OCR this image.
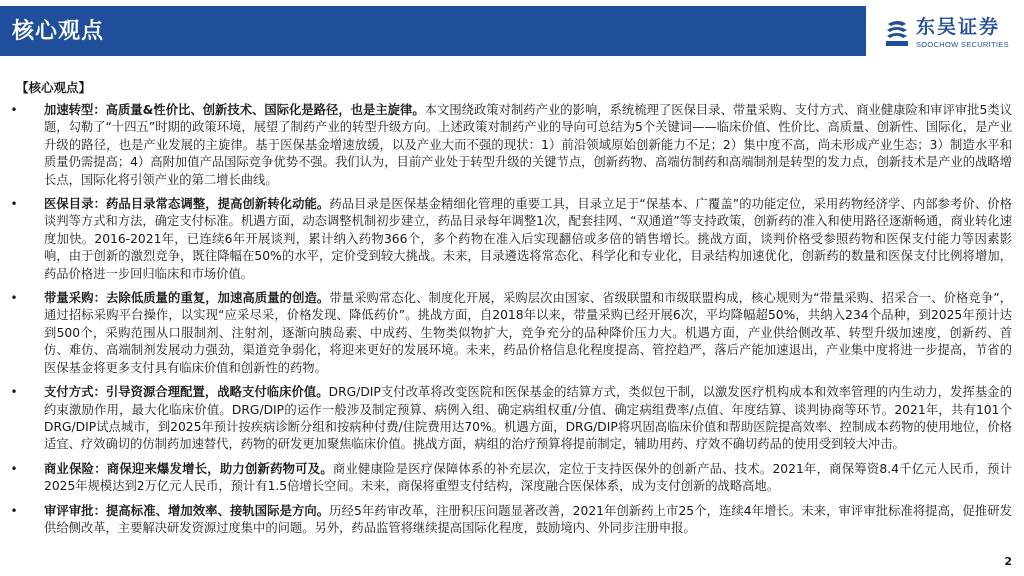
核心观点	东吴证券
SOOCHOW SECURITIES
【核心观点】
• 加速转型：高质量&性价比、创新技术、国际化是路径，也是主旋律。本文围绕政策对制药产业的影响，系统梳理了医保目录、带量采购、支付方式、商业健康险和审评审批5类议题，勾勒了“十四五”时期的政策环境，展望了制药产业的转型升级方向。上述政策对制药产业的导向可总结为5个关键词——临床价值、性价比、高质量、创新性、国际化，是产业升级的路径，也是产业发展的主旋律。基于医保基金增速放缓，以及产业大而不强的现状：1）前沿领域原始创新能力不足；2）集中度不高，尚未形成产业生态；3）制造水平和质量仍需提高；4）高附加值产品国际竞争优势不强。我们认为，目前产业处于转型升级的关键节点，创新药物、高端仿制药和高端制剂是转型的发力点，创新技术是产业的战略增长点，国际化将引领产业的第二增长曲线。
• 医保目录：药品目录常态调整，提高创新转化动能。药品目录是医保基金精细化管理的重要工具，目录立足于“保基本、广覆盖”的功能定位，采用药物经济学、内部参考价、价格谈判等方式和方法，确定支付标准。机遇方面，动态调整机制初步建立，药品目录每年调整1次，配套挂网、“双通道”等支持政策，创新药的准入和使用路径逐渐畅通，商业转化速度加快。2016-2021年，已连续6年开展谈判，累计纳入药物366个，多个药物在准入后实现翻倍或多倍的销售增长。挑战方面，谈判价格受参照药物和医保支付能力等因素影响，由于创新的激烈竞争，既往降幅在50%的水平，定价受到较大挑战。未来，目录遴选将常态化、科学化和专业化，目录结构加速优化，创新药的数量和医保支付比例将增加，药品价格进一步回归临床和市场价值。
• 带量采购：去除低质量的重复，加速高质量的创造。带量采购常态化、制度化开展，采购层次由国家、省级联盟和市级联盟构成，核心规则为“带量采购、招采合一、价格竞争”，通过招标采购平台操作，以实现“应采尽采，价格发现、降低药价”。挑战方面，自2018年以来，带量采购已经开展6次，平均降幅超50%，共纳入234个品种，到2025年预计达到500个，采购范围从口服制剂、注射剂，逐渐向胰岛素、中成药、生物类似物扩大，竞争充分的品种降价压力大。机遇方面，产业供给侧改革、转型升级加速度，创新药、首仿、难仿、高端制剂发展动力强劲，渠道竞争弱化，将迎来更好的发展环境。未来，药品价格信息化程度提高、管控趋严，落后产能加速退出，产业集中度将进一步提高，节省的医保基金将更多支付具有临床价值和创新性的药物。
• 支付方式：引导资源合理配置，战略支付临床价值。DRG/DIP支付改革将改变医院和医保基金的结算方式，类似包干制，以激发医疗机构成本和效率管理的内生动力，发挥基金的约束激励作用，最大化临床价值。DRG/DIP的运作一般涉及制定预算、病例入组、确定病组权重/分值、确定病组费率/点值、年度结算、谈判协商等环节。2021年，共有101个DRG/DIP试点城市，到2025年预计按疾病诊断分组和按病种付费/住院费用达70%。机遇方面，DRG/DIP将巩固高临床价值和帮助医院提高效率、控制成本药物的使用地位，价格适宜、疗效确切的仿制药加速替代，药物的研发更加聚焦临床价值。挑战方面，病组的治疗预算将提前制定，辅助用药、疗效不确切药品的使用受到较大冲击。
• 商业保险：商保迎来爆发增长，助力创新药物可及。商业健康险是医疗保障体系的补充层次，定位于支持医保外的创新产品、技术。2021年，商保筹资8.4千亿元人民币，预计2025年规模达到2万亿元人民币，预计有1.5倍增长空间。未来，商保将重塑支付结构，深度融合医保体系，成为支付创新的战略高地。
• 审评审批：提高标准、增加效率、接轨国际是方向。历经5年药审改革，注册积压问题显著改善，2021年创新药上市25个，连续4年增长。未来，审评审批标准将提高，促推研发供给侧改革，主要解决研发资源过度集中的问题。另外，药品监管将继续提高国际化程度，鼓励境内、外同步注册申报。
2
